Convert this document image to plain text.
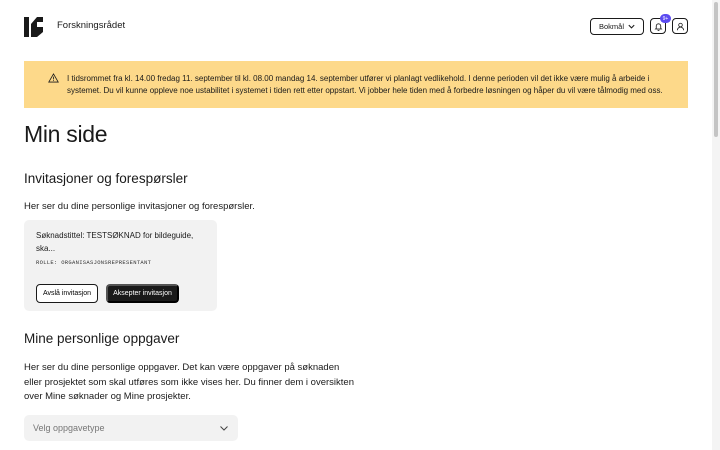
Forskningsrådet	Bokmål
9+

I tidsrommet fra kl. 14.00 fredag 11. september til kl. 08.00 mandag 14. september utfører vi planlagt vedlikehold. I denne perioden vil det ikke være mulig å arbeide i systemet. Du vil kunne oppleve noe ustabilitet i systemet i tiden rett etter oppstart. Vi jobber hele tiden med å forbedre løsningen og håper du vil være tålmodig med oss.

Min side
Invitasjoner og forespørsler

Her ser du dine personlige invitasjoner og forespørsler.

Søknadstittel: TESTSØKNAD for bildeguide, ska...

ROLLE: ORGANISASJONSREPRESENTANT

Avslå invitasjon	Aksepter invitasjon
Mine personlige oppgaver

Her ser du dine personlige oppgaver. Det kan være oppgaver på søknaden eller prosjektet som skal utføres som ikke vises her. Du finner dem i oversikten over Mine søknader og Mine prosjekter.

Velg oppgavetype
